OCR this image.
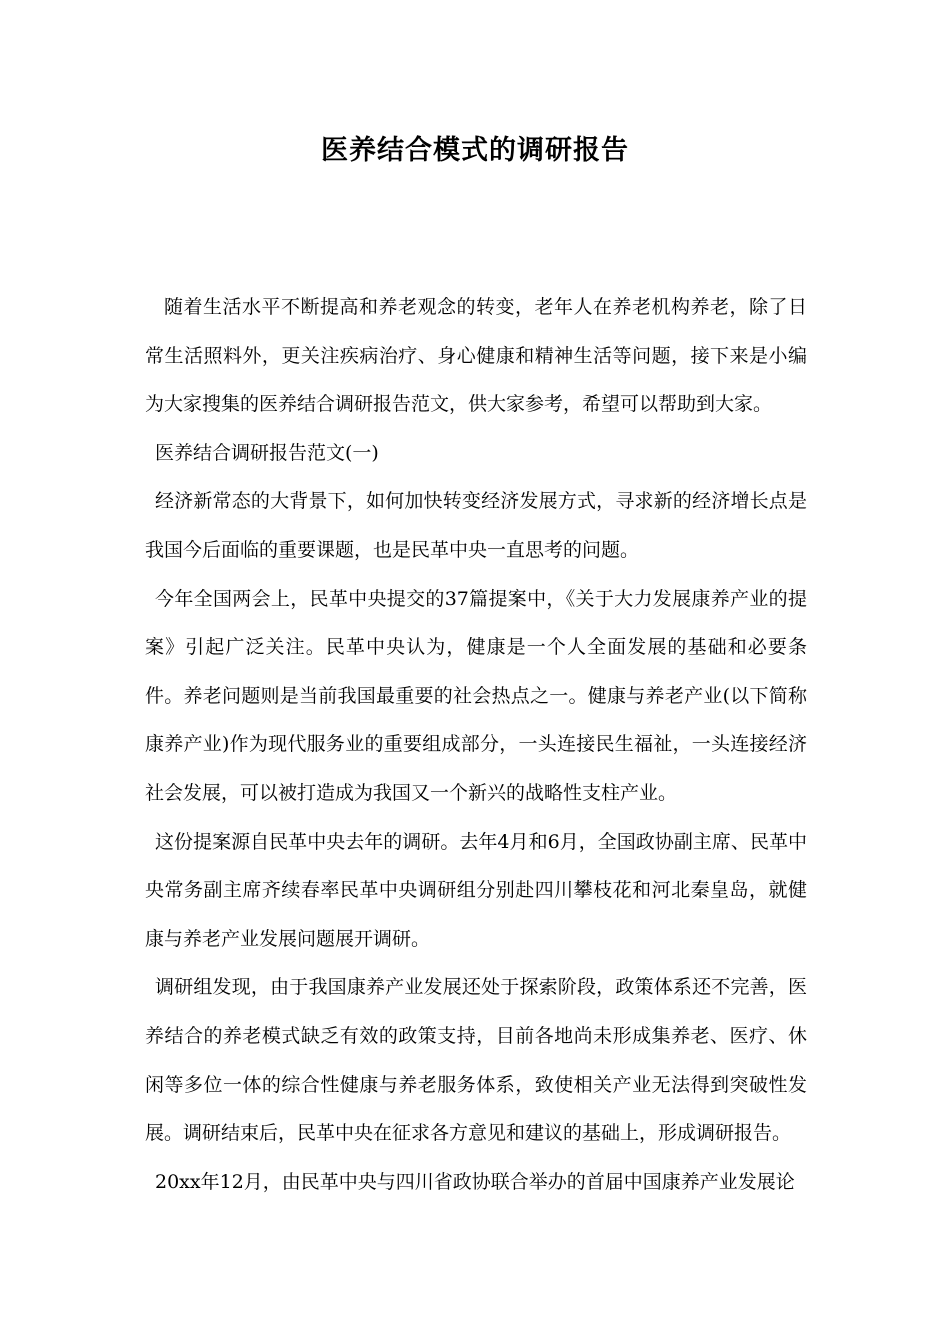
医养结合模式的调研报告

随着生活水平不断提高和养老观念的转变，老年人在养老机构养老，除了日常生活照料外，更关注疾病治疗、身心健康和精神生活等问题，接下来是小编为大家搜集的医养结合调研报告范文，供大家参考，希望可以帮助到大家。

医养结合调研报告范文(一)

经济新常态的大背景下，如何加快转变经济发展方式，寻求新的经济增长点是我国今后面临的重要课题，也是民革中央一直思考的问题。

今年全国两会上，民革中央提交的37篇提案中，《关于大力发展康养产业的提案》引起广泛关注。民革中央认为，健康是一个人全面发展的基础和必要条件。养老问题则是当前我国最重要的社会热点之一。健康与养老产业(以下简称康养产业)作为现代服务业的重要组成部分，一头连接民生福祉，一头连接经济社会发展，可以被打造成为我国又一个新兴的战略性支柱产业。

这份提案源自民革中央去年的调研。去年4月和6月，全国政协副主席、民革中央常务副主席齐续春率民革中央调研组分别赴四川攀枝花和河北秦皇岛，就健康与养老产业发展问题展开调研。

调研组发现，由于我国康养产业发展还处于探索阶段，政策体系还不完善，医养结合的养老模式缺乏有效的政策支持，目前各地尚未形成集养老、医疗、休闲等多位一体的综合性健康与养老服务体系，致使相关产业无法得到突破性发展。调研结束后，民革中央在征求各方意见和建议的基础上，形成调研报告。

20xx年12月，由民革中央与四川省政协联合举办的首届中国康养产业发展论
